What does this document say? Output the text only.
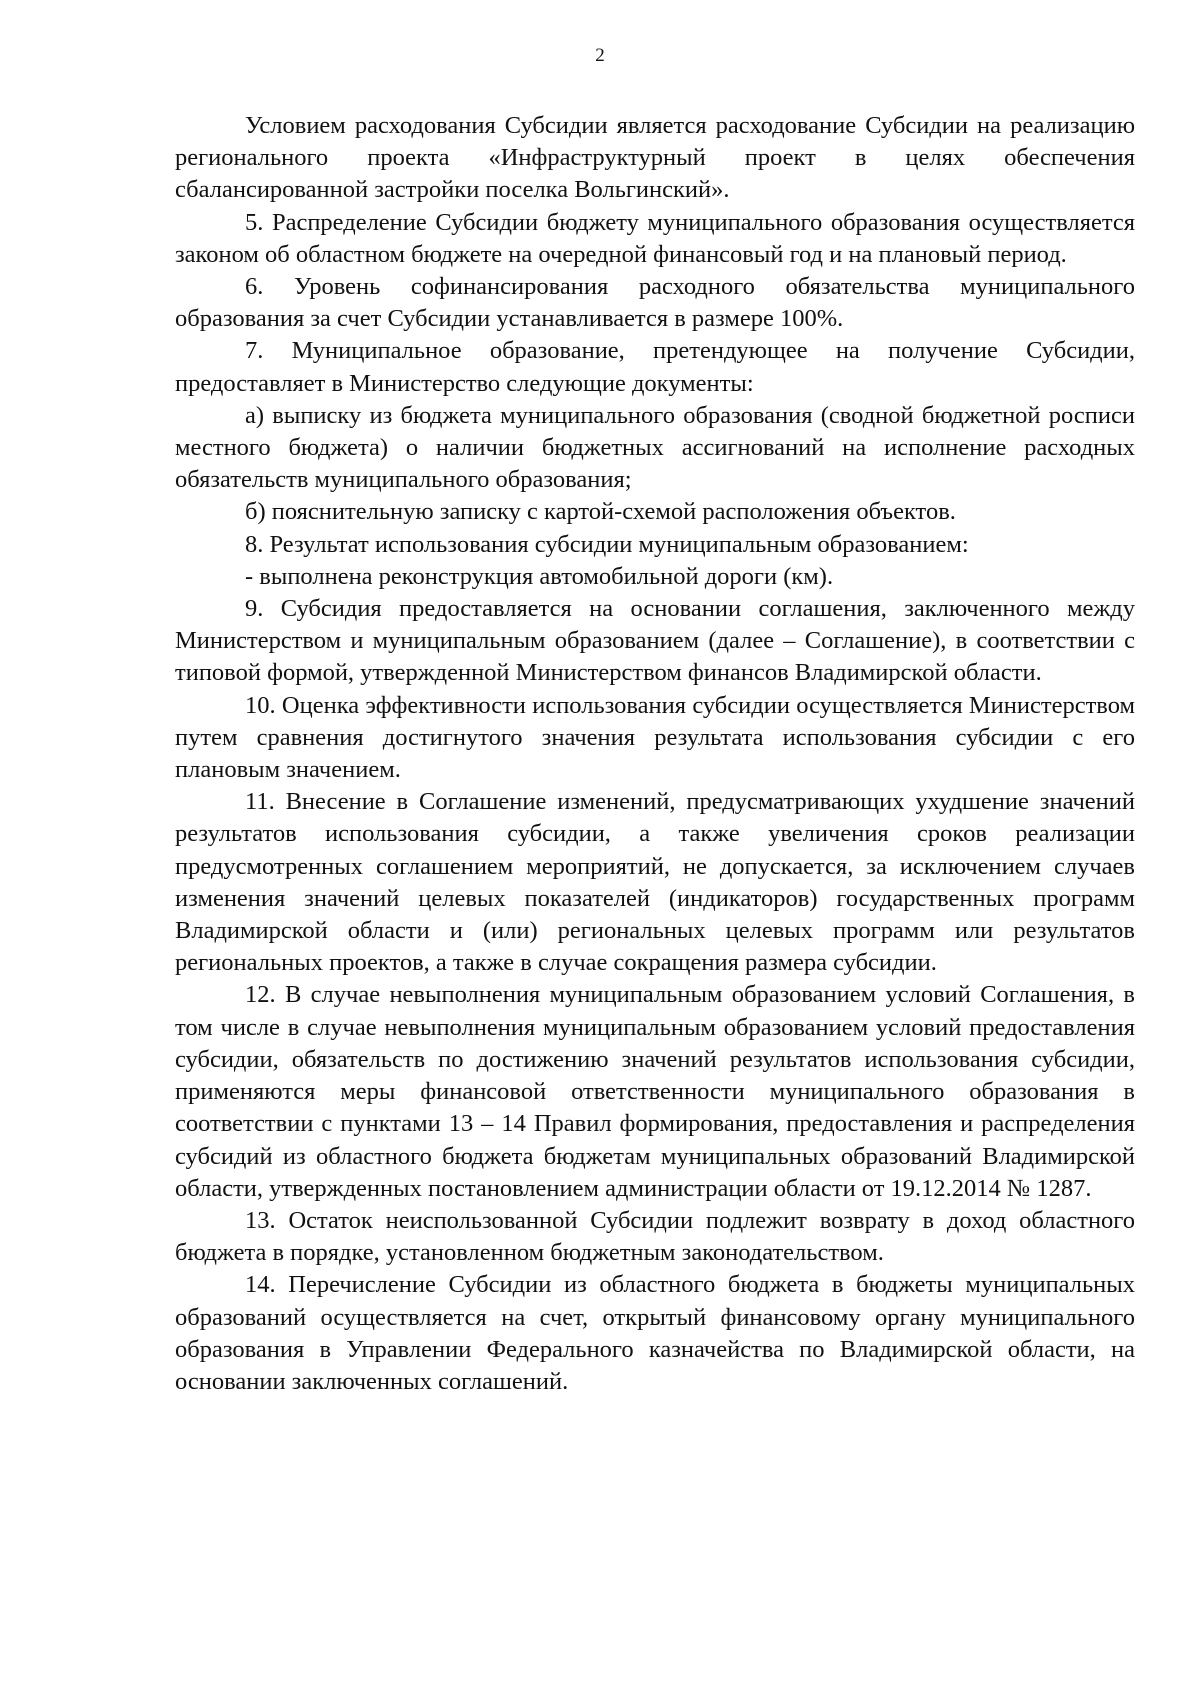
2

Условием расходования Субсидии является расходование Субсидии на реализацию регионального проекта «Инфраструктурный проект в целях обеспечения сбалансированной застройки поселка Вольгинский».

5. Распределение Субсидии бюджету муниципального образования осуществляется законом об областном бюджете на очередной финансовый год и на плановый период.

6. Уровень софинансирования расходного обязательства муниципального образования за счет Субсидии устанавливается в размере 100%.

7. Муниципальное образование, претендующее на получение Субсидии, предоставляет в Министерство следующие документы:

а) выписку из бюджета муниципального образования (сводной бюджетной росписи местного бюджета) о наличии бюджетных ассигнований на исполнение расходных обязательств муниципального образования;

б) пояснительную записку с картой-схемой расположения объектов.

8. Результат использования субсидии муниципальным образованием:

- выполнена реконструкция автомобильной дороги (км).

9. Субсидия предоставляется на основании соглашения, заключенного между Министерством и муниципальным образованием (далее – Соглашение), в соответствии с типовой формой, утвержденной Министерством финансов Владимирской области.

10. Оценка эффективности использования субсидии осуществляется Министерством путем сравнения достигнутого значения результата использования субсидии с его плановым значением.

11. Внесение в Соглашение изменений, предусматривающих ухудшение значений результатов использования субсидии, а также увеличения сроков реализации предусмотренных соглашением мероприятий, не допускается, за исключением случаев изменения значений целевых показателей (индикаторов) государственных программ Владимирской области и (или) региональных целевых программ или результатов региональных проектов, а также в случае сокращения размера субсидии.

12. В случае невыполнения муниципальным образованием условий Соглашения, в том числе в случае невыполнения муниципальным образованием условий предоставления субсидии, обязательств по достижению значений результатов использования субсидии, применяются меры финансовой ответственности муниципального образования в соответствии с пунктами 13 – 14 Правил формирования, предоставления и распределения субсидий из областного бюджета бюджетам муниципальных образований Владимирской области, утвержденных постановлением администрации области от 19.12.2014 № 1287.

13. Остаток неиспользованной Субсидии подлежит возврату в доход областного бюджета в порядке, установленном бюджетным законодательством.

14. Перечисление Субсидии из областного бюджета в бюджеты муниципальных образований осуществляется на счет, открытый финансовому органу муниципального образования в Управлении Федерального казначейства по Владимирской области, на основании заключенных соглашений.
